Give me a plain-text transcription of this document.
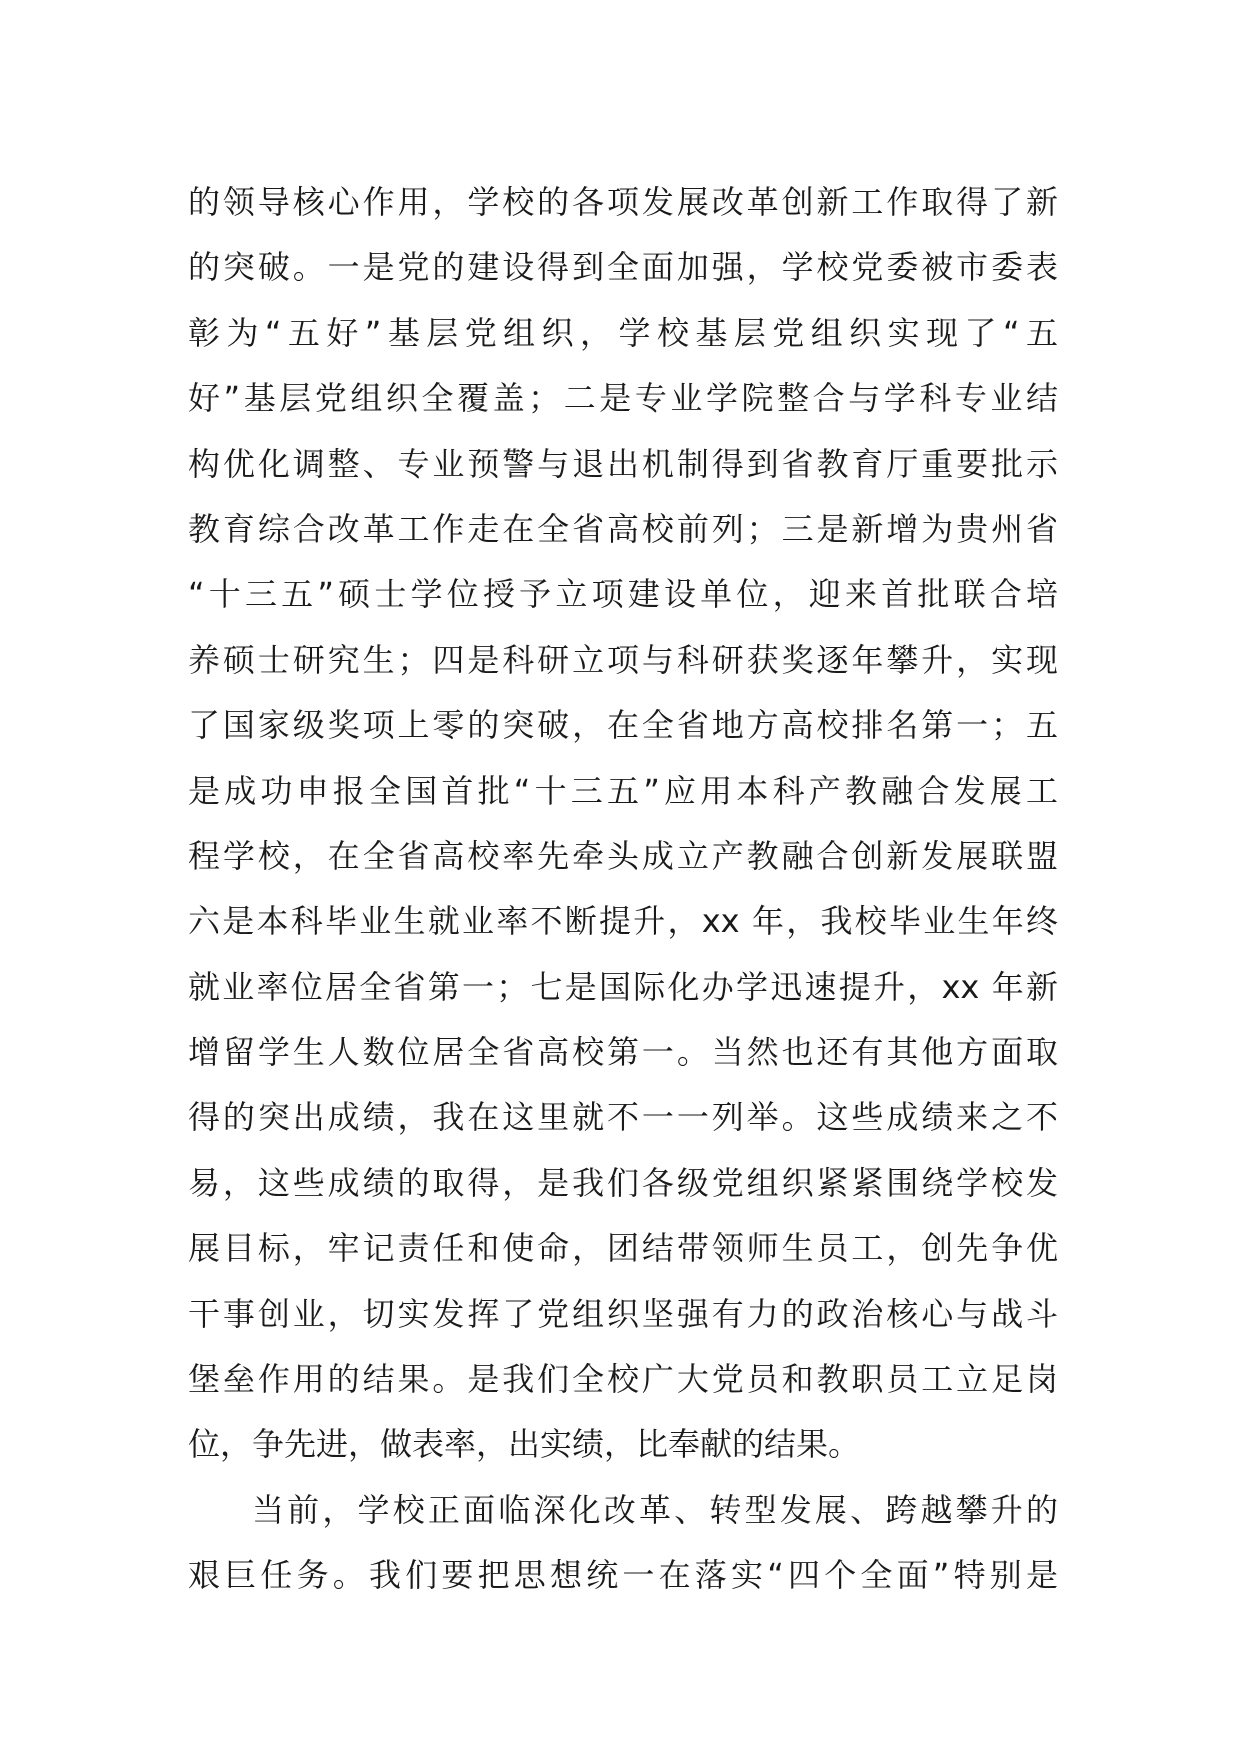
的领导核心作用，学校的各项发展改革创新工作取得了新
的突破。一是党的建设得到全面加强，学校党委被市委表
彰为“五好”基层党组织，学校基层党组织实现了“五
好”基层党组织全覆盖；二是专业学院整合与学科专业结
构优化调整、专业预警与退出机制得到省教育厅重要批示
教育综合改革工作走在全省高校前列；三是新增为贵州省
“十三五”硕士学位授予立项建设单位，迎来首批联合培
养硕士研究生；四是科研立项与科研获奖逐年攀升，实现
了国家级奖项上零的突破，在全省地方高校排名第一；五
是成功申报全国首批“十三五”应用本科产教融合发展工
程学校，在全省高校率先牵头成立产教融合创新发展联盟
六是本科毕业生就业率不断提升，xx 年，我校毕业生年终
就业率位居全省第一；七是国际化办学迅速提升，xx 年新
增留学生人数位居全省高校第一。当然也还有其他方面取
得的突出成绩，我在这里就不一一列举。这些成绩来之不
易，这些成绩的取得，是我们各级党组织紧紧围绕学校发
展目标，牢记责任和使命，团结带领师生员工，创先争优
干事创业，切实发挥了党组织坚强有力的政治核心与战斗
堡垒作用的结果。是我们全校广大党员和教职员工立足岗
位，争先进，做表率，出实绩，比奉献的结果。
当前，学校正面临深化改革、转型发展、跨越攀升的
艰巨任务。我们要把思想统一在落实“四个全面”特别是
